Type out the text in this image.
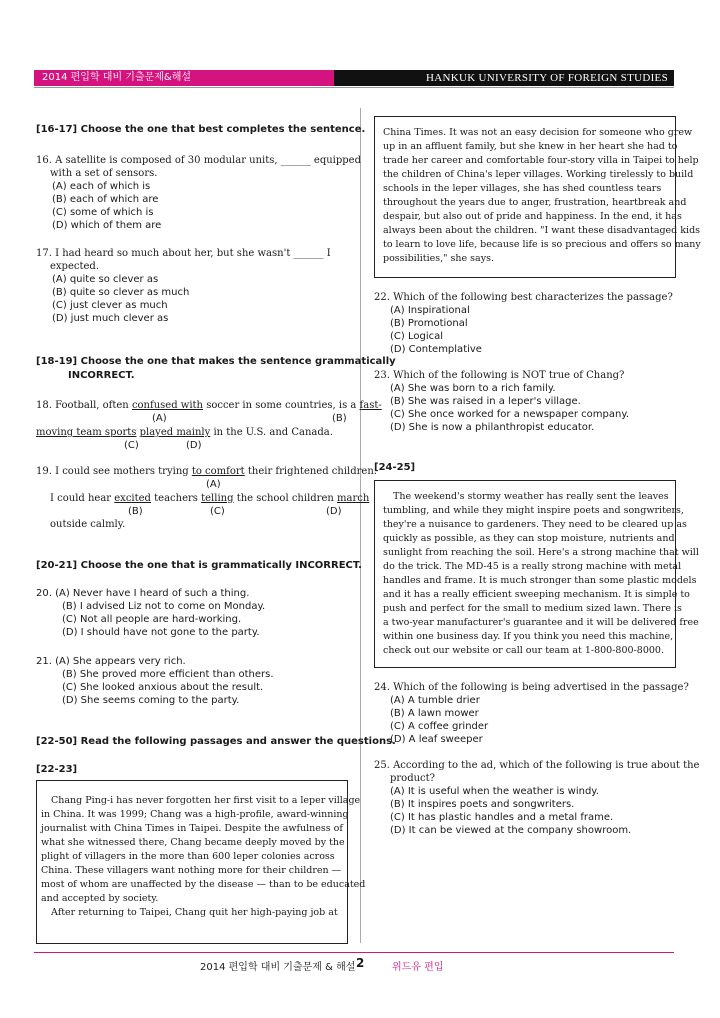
2014 편입학 대비 기출문제&해설	HANKUK UNIVERSITY OF FOREIGN STUDIES
[16-17] Choose the one that best completes the sentence.
16. A satellite is composed of 30 modular units, ______ equipped
with a set of sensors.
(A) each of which is
(B) each of which are
(C) some of which is
(D) which of them are
17. I had heard so much about her, but she wasn't ______ I
expected.
(A) quite so clever as
(B) quite so clever as much
(C) just clever as much
(D) just much clever as
[18-19] Choose the one that makes the sentence grammatically
INCORRECT.
18. Football, often confused with soccer in some countries, is a fast-
(A)	(B)
moving team sports played mainly in the U.S. and Canada.
(C)	(D)
19. I could see mothers trying to comfort their frightened children.
(A)
I could hear excited teachers telling the school children march
(B)	(C)	(D)
outside calmly.
[20-21] Choose the one that is grammatically INCORRECT.
20. (A) Never have I heard of such a thing.
(B) I advised Liz not to come on Monday.
(C) Not all people are hard-working.
(D) I should have not gone to the party.
21. (A) She appears very rich.
(B) She proved more efficient than others.
(C) She looked anxious about the result.
(D) She seems coming to the party.
[22-50] Read the following passages and answer the questions.
[22-23]
Chang Ping-i has never forgotten her first visit to a leper village
in China. It was 1999; Chang was a high-profile, award-winning
journalist with China Times in Taipei. Despite the awfulness of
what she witnessed there, Chang became deeply moved by the
plight of villagers in the more than 600 leper colonies across
China. These villagers want nothing more for their children —
most of whom are unaffected by the disease — than to be educated
and accepted by society.
After returning to Taipei, Chang quit her high-paying job at
China Times. It was not an easy decision for someone who grew
up in an affluent family, but she knew in her heart she had to
trade her career and comfortable four-story villa in Taipei to help
the children of China's leper villages. Working tirelessly to build
schools in the leper villages, she has shed countless tears
throughout the years due to anger, frustration, heartbreak and
despair, but also out of pride and happiness. In the end, it has
always been about the children. "I want these disadvantaged kids
to learn to love life, because life is so precious and offers so many
possibilities," she says.
22. Which of the following best characterizes the passage?
(A) Inspirational
(B) Promotional
(C) Logical
(D) Contemplative
23. Which of the following is NOT true of Chang?
(A) She was born to a rich family.
(B) She was raised in a leper's village.
(C) She once worked for a newspaper company.
(D) She is now a philanthropist educator.
[24-25]
The weekend's stormy weather has really sent the leaves
tumbling, and while they might inspire poets and songwriters,
they're a nuisance to gardeners. They need to be cleared up as
quickly as possible, as they can stop moisture, nutrients and
sunlight from reaching the soil. Here's a strong machine that will
do the trick. The MD-45 is a really strong machine with metal
handles and frame. It is much stronger than some plastic models
and it has a really efficient sweeping mechanism. It is simple to
push and perfect for the small to medium sized lawn. There is
a two-year manufacturer's guarantee and it will be delivered free
within one business day. If you think you need this machine,
check out our website or call our team at 1-800-800-8000.
24. Which of the following is being advertised in the passage?
(A) A tumble drier
(B) A lawn mower
(C) A coffee grinder
(D) A leaf sweeper
25. According to the ad, which of the following is true about the
product?
(A) It is useful when the weather is windy.
(B) It inspires poets and songwriters.
(C) It has plastic handles and a metal frame.
(D) It can be viewed at the company showroom.
2014 편입학 대비 기출문제 & 해설 2	위드유 편입
